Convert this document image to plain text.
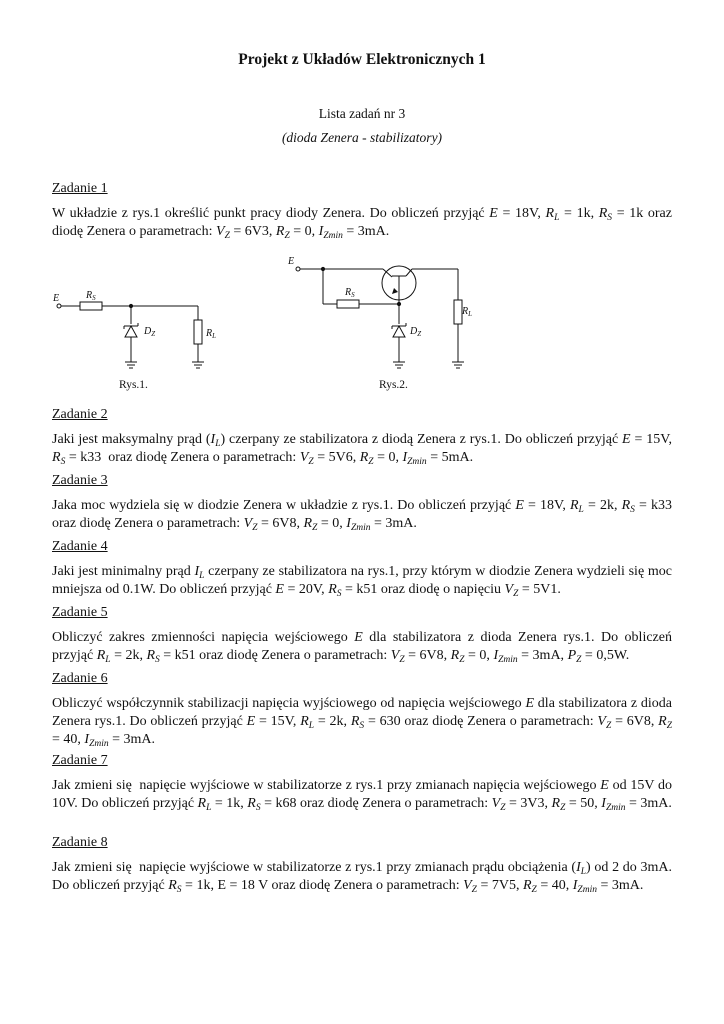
Projekt z Układów Elektronicznych 1
Lista zadań nr 3
(dioda Zenera - stabilizatory)
Zadanie 1
W układzie z rys.1 określić punkt pracy diody Zenera. Do obliczeń przyjąć E = 18V, $R_L = 1k$, $R_S = 1k$ oraz diodę Zenera o parametrach: $V_Z = 6V3$, $R_Z = 0$, $I_{Zmin} = 3mA$.
E	$R_S$
$D_Z$	$R_L$
E
$R_S$
$D_Z$
$R_L$
Rys.1.	Rys.2.
Zadanie 2
Jaki jest maksymalny prąd $(I_L)$ czerpany ze stabilizatora z diodą Zenera z rys.1. Do obliczeń przyjąć E = 15V, $R_S = k33$  oraz diodę Zenera o parametrach: $V_Z = 5V6$, $R_Z = 0$, $I_{Zmin} = 5mA$.
Zadanie 3
Jaka moc wydziela się w diodzie Zenera w układzie z rys.1. Do obliczeń przyjąć E = 18V, $R_L = 2k$, $R_S = k33$ oraz diodę Zenera o parametrach: $V_Z = 6V8$, $R_Z = 0$, $I_{Zmin} = 3mA$.
Zadanie 4
Jaki jest minimalny prąd $I_L$ czerpany ze stabilizatora na rys.1, przy którym w diodzie Zenera wydzieli się moc mniejsza od 0.1W. Do obliczeń przyjąć E = 20V, $R_S = k51$ oraz diodę o napięciu $V_Z = 5V1$.
Zadanie 5
Obliczyć zakres zmienności napięcia wejściowego E dla stabilizatora z dioda Zenera rys.1. Do obliczeń przyjąć $R_L = 2k$, $R_S = k51$ oraz diodę Zenera o parametrach: $V_Z = 6V8$, $R_Z = 0$, $I_{Zmin} = 3mA$, $P_Z = 0,5W$.
Zadanie 6
Obliczyć współczynnik stabilizacji napięcia wyjściowego od napięcia wejściowego E dla stabilizatora z dioda Zenera rys.1. Do obliczeń przyjąć E = 15V, $R_L = 2k$, $R_S = 630$ oraz diodę Zenera o parametrach: $V_Z = 6V8$, $R_Z = 40$, $I_{Zmin} = 3mA$.
Zadanie 7
Jak zmieni się  napięcie wyjściowe w stabilizatorze z rys.1 przy zmianach napięcia wejściowego E od 15V do 10V. Do obliczeń przyjąć $R_L = 1k$, $R_S = k68$ oraz diodę Zenera o parametrach: $V_Z = 3V3$, $R_Z = 50$, $I_{Zmin} = 3mA$.
Zadanie 8
Jak zmieni się  napięcie wyjściowe w stabilizatorze z rys.1 przy zmianach prądu obciążenia $(I_L)$ od 2 do 3mA. Do obliczeń przyjąć $R_S = 1k$, E = 18 V oraz diodę Zenera o parametrach: $V_Z = 7V5$, $R_Z = 40$, $I_{Zmin} = 3mA$.
